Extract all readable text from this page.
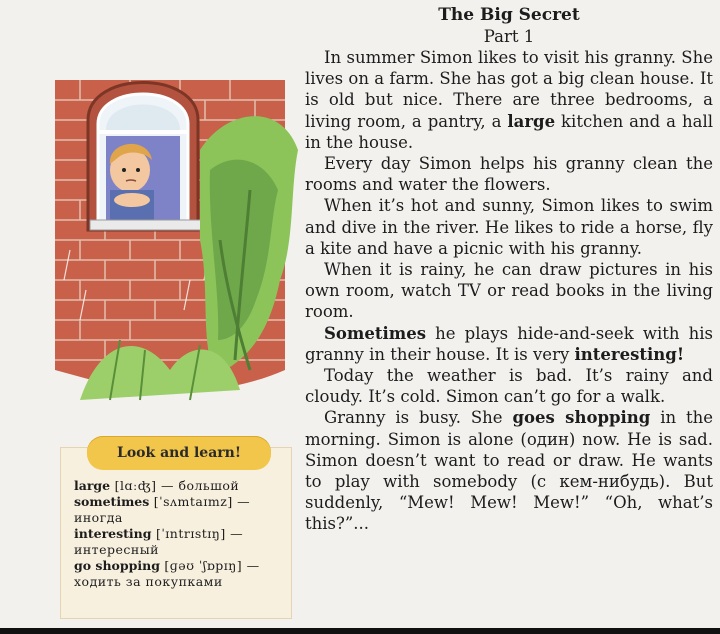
Look and learn!

large [lɑːʤ] — большой

sometimes [ˈsʌmtaɪmz] — иногда

interesting [ˈɪntrɪstɪŋ] — интересный

go shopping [ɡəʊ ˈʃɒpɪŋ] — ходить за покупками

The Big Secret

Part 1

In summer Simon likes to visit his granny. She lives on a farm. She has got a big clean house. It is old but nice. There are three bedrooms, a living room, a pantry, a large kitchen and a hall in the house.

Every day Simon helps his granny clean the rooms and water the flowers.

When it’s hot and sunny, Simon likes to swim and dive in the river. He likes to ride a horse, fly a kite and have a picnic with his granny.

When it is rainy, he can draw pictures in his own room, watch TV or read books in the living room.

Sometimes he plays hide-and-seek with his granny in their house. It is very interesting!

Today the weather is bad. It’s rainy and cloudy. It’s cold. Simon can’t go for a walk.

Granny is busy. She goes shopping in the morning. Simon is alone (один) now. He is sad. Simon doesn’t want to read or draw. He wants to play with somebody (с кем-нибудь). But suddenly, “Mew! Mew! Mew!” “Oh, what’s this?”...
